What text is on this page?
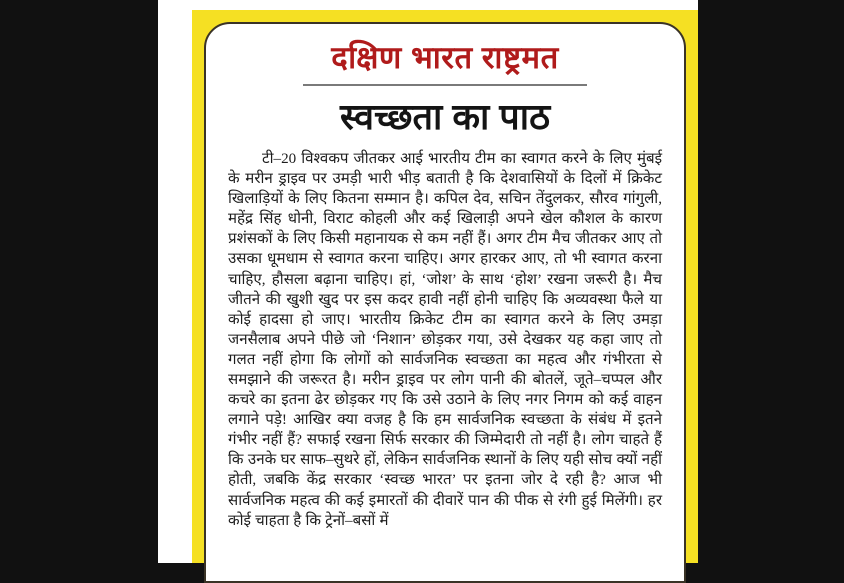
दक्षिण भारत राष्ट्रमत
स्वच्छता का पाठ

टी–20 विश्वकप जीतकर आई भारतीय टीम का स्वागत करने के लिए मुंबई के मरीन ड्राइव पर उमड़ी भारी भीड़ बताती है कि देशवासियों के दिलों में क्रिकेट खिलाड़ियों के लिए कितना सम्मान है। कपिल देव, सचिन तेंदुलकर, सौरव गांगुली, महेंद्र सिंह धोनी, विराट कोहली और कई खिलाड़ी अपने खेल कौशल के कारण प्रशंसकों के लिए किसी महानायक से कम नहीं हैं। अगर टीम मैच जीतकर आए तो उसका धूमधाम से स्वागत करना चाहिए। अगर हारकर आए, तो भी स्वागत करना चाहिए, हौसला बढ़ाना चाहिए। हां, ‘जोश’ के साथ ‘होश’ रखना जरूरी है। मैच जीतने की खुशी खुद पर इस कदर हावी नहीं होनी चाहिए कि अव्यवस्था फैले या कोई हादसा हो जाए। भारतीय क्रिकेट टीम का स्वागत करने के लिए उमड़ा जनसैलाब अपने पीछे जो ‘निशान’ छोड़कर गया, उसे देखकर यह कहा जाए तो गलत नहीं होगा कि लोगों को सार्वजनिक स्वच्छता का महत्व और गंभीरता से समझाने की जरूरत है। मरीन ड्राइव पर लोग पानी की बोतलें, जूते–चप्पल और कचरे का इतना ढेर छोड़कर गए कि उसे उठाने के लिए नगर निगम को कई वाहन लगाने पड़े! आखिर क्या वजह है कि हम सार्वजनिक स्वच्छता के संबंध में इतने गंभीर नहीं हैं? सफाई रखना सिर्फ सरकार की जिम्मेदारी तो नहीं है। लोग चाहते हैं कि उनके घर साफ–सुथरे हों, लेकिन सार्वजनिक स्थानों के लिए यही सोच क्यों नहीं होती, जबकि केंद्र सरकार ‘स्वच्छ भारत’ पर इतना जोर दे रही है? आज भी सार्वजनिक महत्व की कई इमारतों की दीवारें पान की पीक से रंगी हुई मिलेंगी। हर कोई चाहता है कि ट्रेनों–बसों में
